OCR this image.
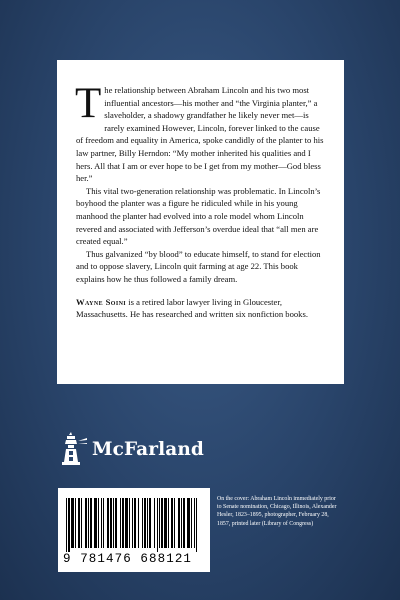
The relationship between Abraham Lincoln and his two most influential ancestors—his mother and “the Virginia planter,” a slaveholder, a shadowy grandfather he likely never met—is rarely examined However, Lincoln, forever linked to the cause of freedom and equality in America, spoke candidly of the planter to his law partner, Billy Herndon: “My mother inherited his qualities and I hers. All that I am or ever hope to be I get from my mother—God bless her.”

This vital two-generation relationship was problematic. In Lincoln’s boyhood the planter was a figure he ridiculed while in his young manhood the planter had evolved into a role model whom Lincoln revered and associated with Jefferson’s overdue ideal that “all men are created equal.”

Thus galvanized “by blood” to educate himself, to stand for election and to oppose slavery, Lincoln quit farming at age 22. This book explains how he thus followed a family dream.

Wayne Soini is a retired labor lawyer living in Gloucester, Massachusetts. He has researched and written six nonfiction books.

McFarland
9 781476 688121
On the cover: Abraham Lincoln immediately prior to Senate nomination, Chicago, Illinois, Alexander Hesler, 1823–1895, photographer, February 28, 1857, printed later (Library of Congress)
